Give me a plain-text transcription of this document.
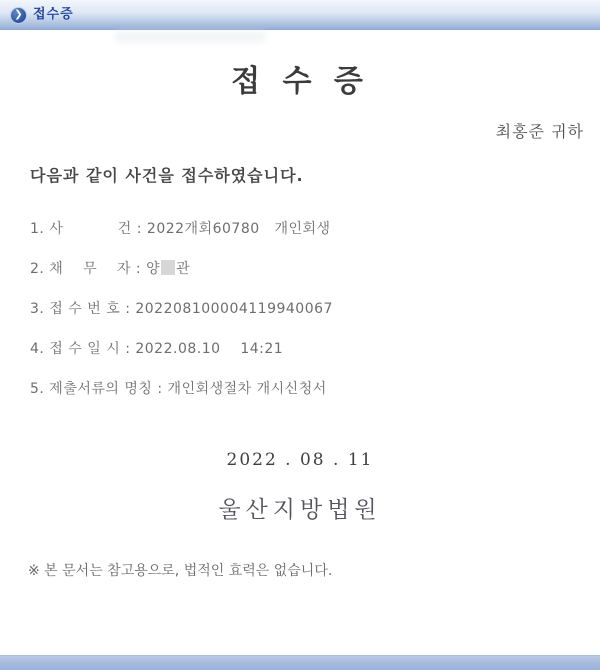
❯ 접수증
접 수 증
최홍준 귀하
다음과 같이 사건을 접수하였습니다.
1. 사           건 : 2022개회60780   개인회생
2. 채    무    자 : 양 관
3. 접 수 번 호 : 202208100004119940067
4. 접 수 일 시 : 2022.08.10    14:21
5. 제출서류의 명칭 : 개인회생절차 개시신청서
2022 . 08 . 11
울산지방법원
※ 본 문서는 참고용으로, 법적인 효력은 없습니다.
